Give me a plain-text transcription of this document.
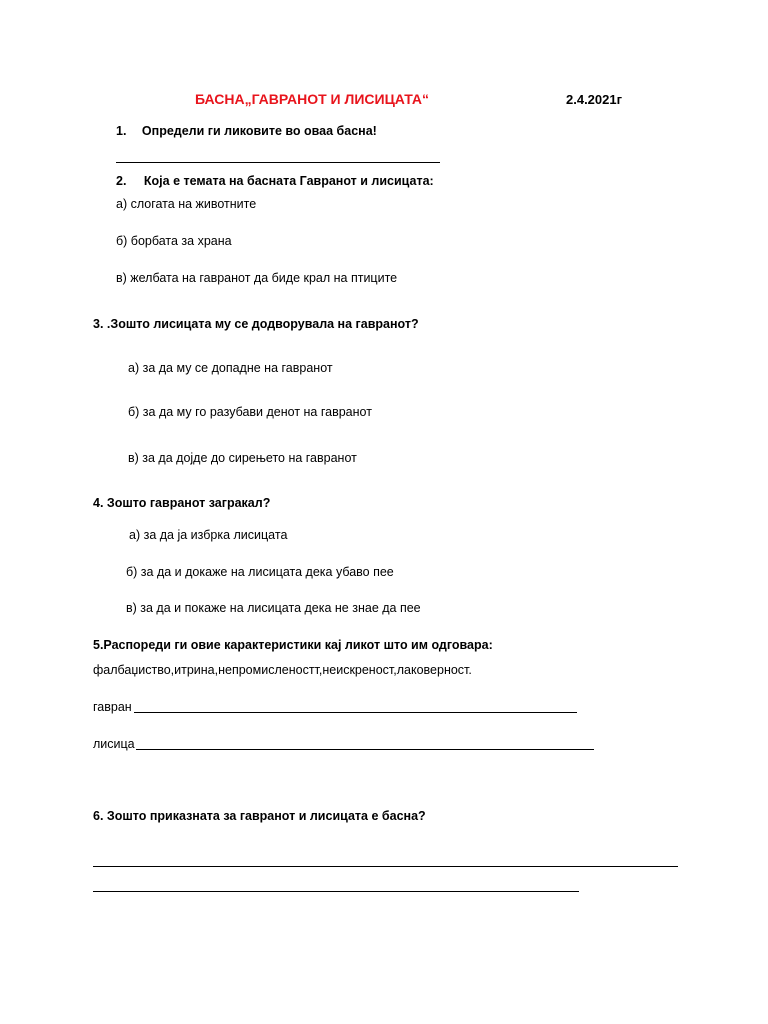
БАСНА„ГАВРАНОТ И ЛИСИЦАТА“	2.4.2021г
1. Определи ги ликовите во оваа басна!
2. Која е темата на басната Гавранот и лисицата:
а) слогата на животните
б) борбата за храна
в) желбата на гавранот да биде крал на птиците
3. .Зошто лисицата му се додворувала на гавранот?
а) за да му се допадне на гавранот
б) за да му го разубави денот на гавранот
в) за да дојде до сирењето на гавранот
4. Зошто гавранот загракал?
а) за да ја избрка лисицата
б) за да и докаже на лисицата дека убаво пее
в) за да и покаже на лисицата дека не знае да пее
5.Распореди ги овие карактеристики кај ликот што им одговара:
фалбаџиство,итрина,непромисленостт,неискреност,лаковерност.
гавран
лисица
6. Зошто приказната за гавранот и лисицата е басна?
